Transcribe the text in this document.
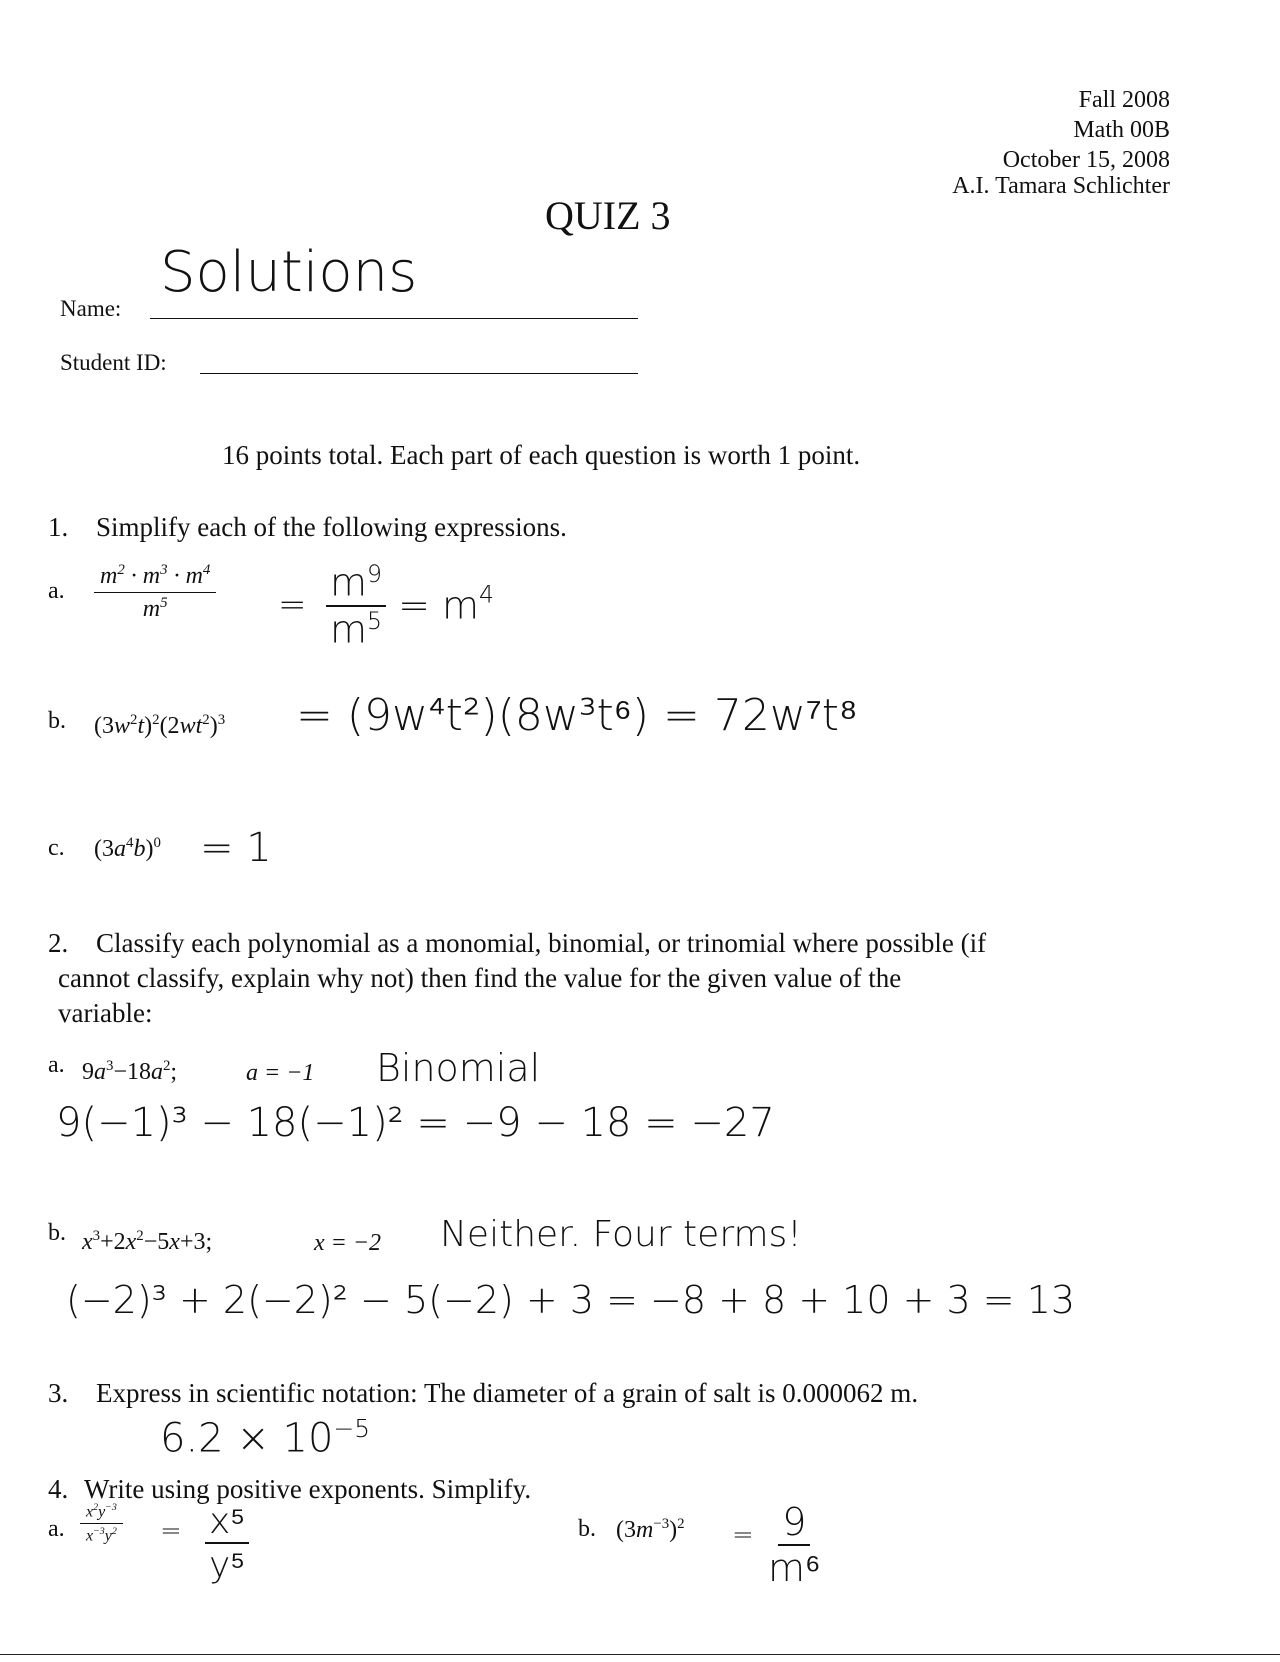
Fall 2008
Math 00B
October 15, 2008
A.I. Tamara Schlichter
QUIZ 3
Name:
Solutions
Student ID:
16 points total. Each part of each question is worth 1 point.
1. Simplify each of the following expressions.
a. $\frac{m^2 \cdot m^3 \cdot m^4}{m^5} = \frac{m^9}{m^5} = m^4$
b. $(3w^2t)^2(2wt^2)^3 = (9w^4t^2)(8w^3t^6) = 72w^7t^8$
c. $(3a^4b)^0 = 1$
2. Classify each polynomial as a monomial, binomial, or trinomial where possible (if
cannot classify, explain why not) then find the value for the given value of the
variable:
a. $9a^3-18a^2$;	a = −1 Binomial
9(−1)³ − 18(−1)² = −9 − 18 = −27
b. $x^3+2x^2-5x+3$;	x = −2 Neither. Four terms!
(−2)³ + 2(−2)² − 5(−2) + 3 = −8 + 8 + 10 + 3 = 13
3. Express in scientific notation: The diameter of a grain of salt is 0.000062 m.
$6.2 \times 10^{-5}$
4. Write using positive exponents. Simplify.
a. $\frac{x^2y^{-3}}{x^{-3}y^2} = \frac{\text{x⁵}}{\text{y⁵}}$	b. $(3m^{-3})^2 = \frac{9}{\text{m⁶}}$
